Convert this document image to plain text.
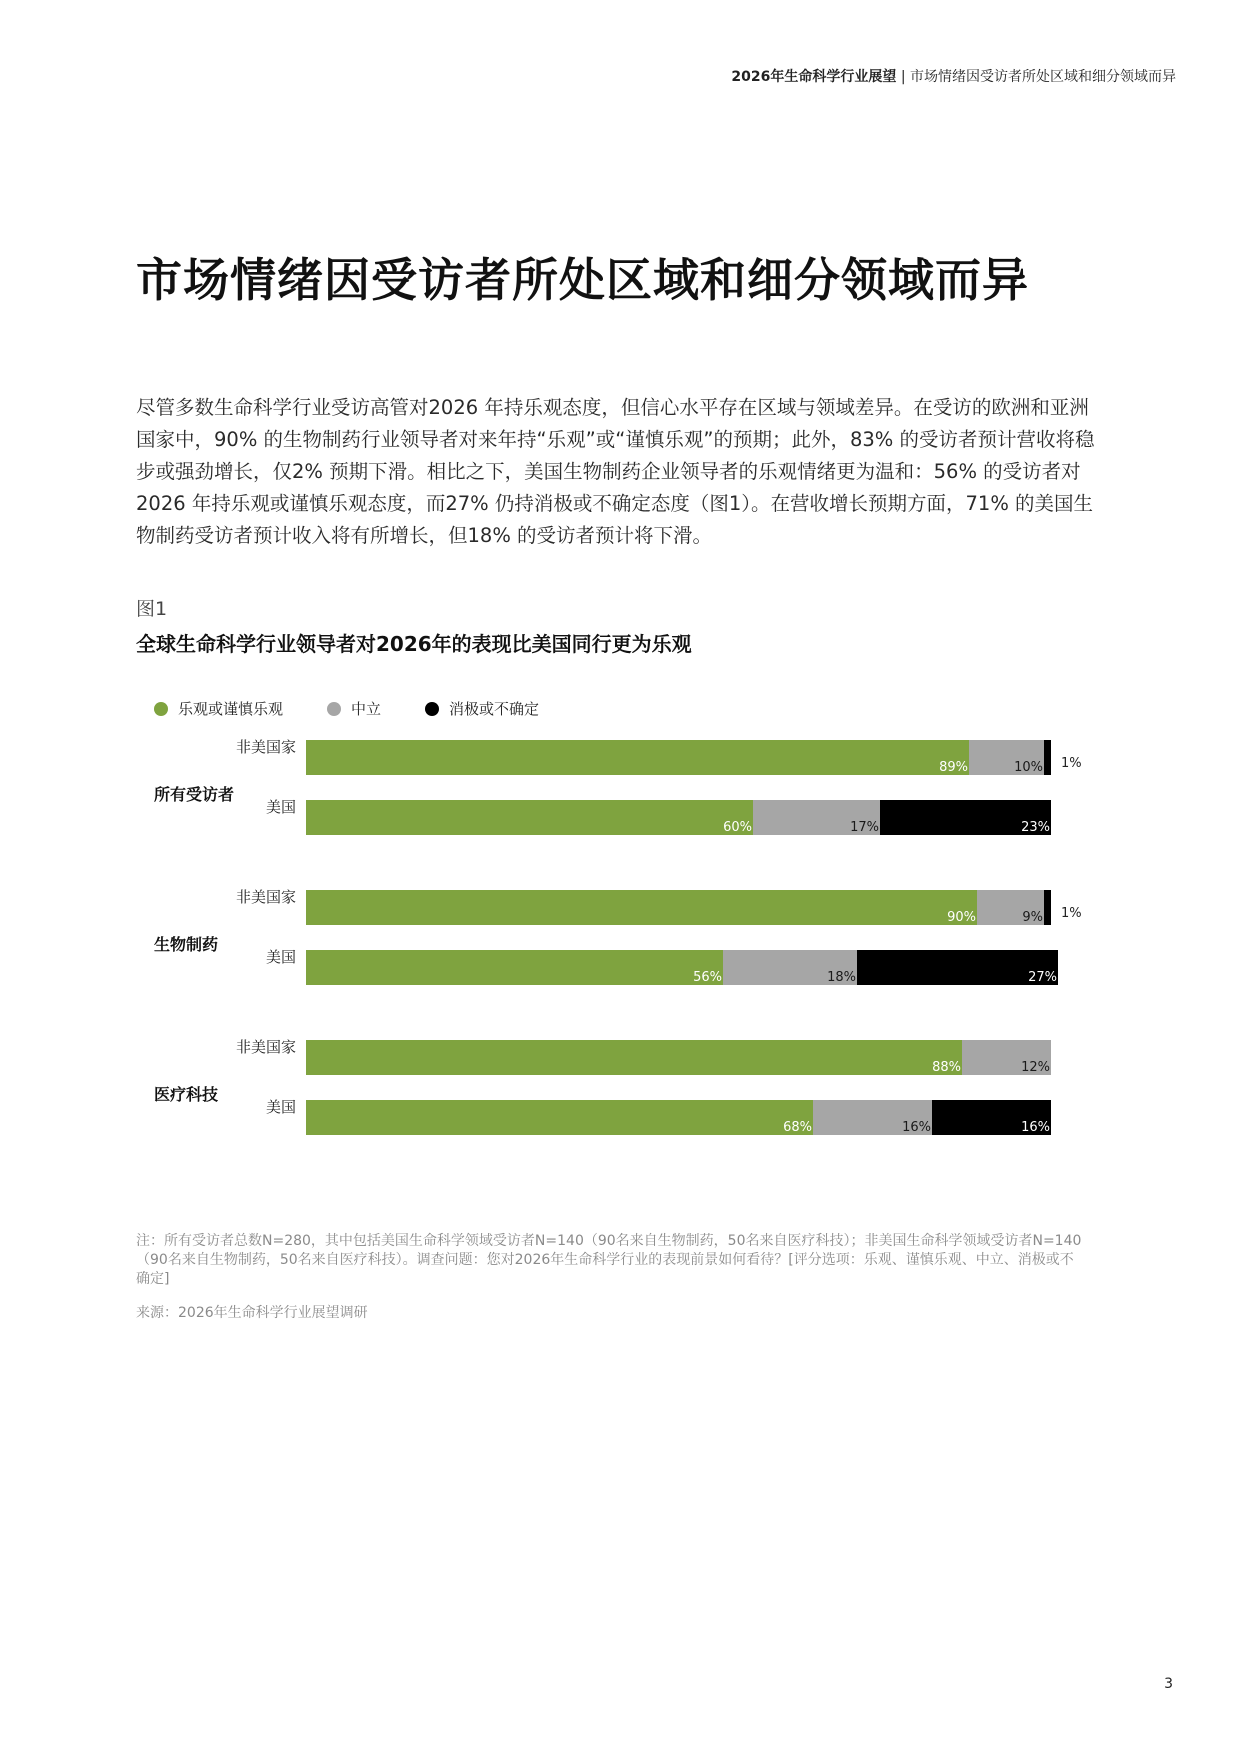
2026年生命科学行业展望 | 市场情绪因受访者所处区域和细分领域而异
市场情绪因受访者所处区域和细分领域而异

尽管多数生命科学行业受访高管对2026 年持乐观态度，但信心水平存在区域与领域差异。在受访的欧洲和亚洲国家中，90% 的生物制药行业领导者对来年持“乐观”或“谨慎乐观”的预期；此外，83% 的受访者预计营收将稳步或强劲增长，仅2% 预期下滑。相比之下，美国生物制药企业领导者的乐观情绪更为温和：56% 的受访者对2026 年持乐观或谨慎乐观态度，而27% 仍持消极或不确定态度（图1）。在营收增长预期方面，71% 的美国生物制药受访者预计收入将有所增长，但18% 的受访者预计将下滑。

图1
全球生命科学行业领导者对2026年的表现比美国同行更为乐观
乐观或谨慎乐观	中立	消极或不确定
所有受访者
非美国家
89%	10% 1%
美国
60%	17%	23%
生物制药
非美国家
90%	9% 1%
美国
56%	18%	27%
医疗科技
非美国家
88%	12%
美国
68%	16%	16%

注：所有受访者总数N=280，其中包括美国生命科学领域受访者N=140（90名来自生物制药，50名来自医疗科技）；非美国生命科学领域受访者N=140（90名来自生物制药，50名来自医疗科技）。调查问题：您对2026年生命科学行业的表现前景如何看待？[评分选项：乐观、谨慎乐观、中立、消极或不确定]

来源：2026年生命科学行业展望调研
3
